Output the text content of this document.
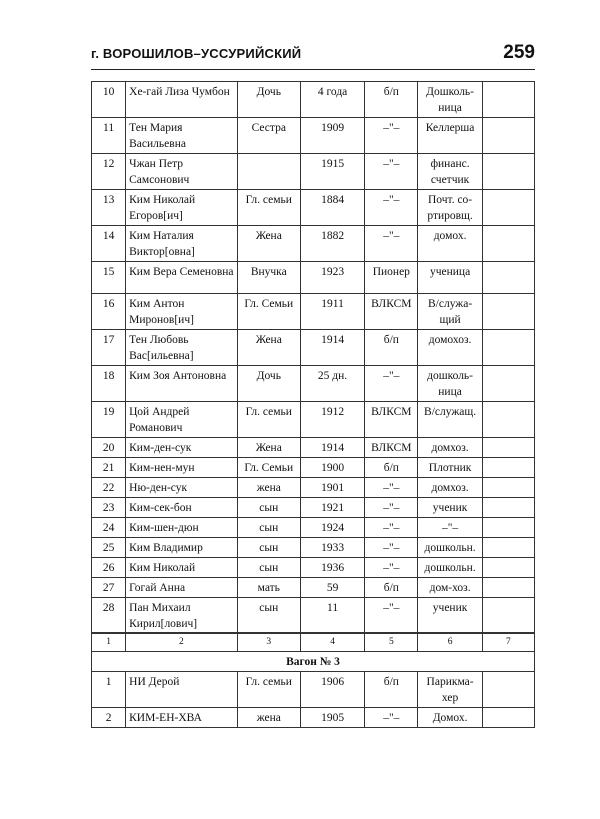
г. ВОРОШИЛОВ–УССУРИЙСКИЙ	259
10	Хе-гай Лиза Чумбон	Дочь	4 года	б/п	Дошколь-ница	
11	Тен Мария Васильевна	Сестра	1909	–"–	Келлерша	
12	Чжан Петр Самсонович		1915	–"–	финанс. счетчик	
13	Ким Николай Егоров[ич]	Гл. семьи	1884	–"–	Почт. со-ртировщ.	
14	Ким Наталия Виктор[овна]	Жена	1882	–"–	домох.	
15	Ким Вера Семеновна	Внучка	1923	Пионер	ученица	
16	Ким Антон Миронов[ич]	Гл. Семьи	1911	ВЛКСМ	В/служа-щий	
17	Тен Любовь Вас[ильевна]	Жена	1914	б/п	домохоз.	
18	Ким Зоя Антоновна	Дочь	25 дн.	–"–	дошколь-ница	
19	Цой Андрей Романович	Гл. семьи	1912	ВЛКСМ	В/служащ.	
20	Ким-ден-сук	Жена	1914	ВЛКСМ	домхоз.	
21	Ким-нен-мун	Гл. Семьи	1900	б/п	Плотник	
22	Ню-ден-сук	жена	1901	–"–	домхоз.	
23	Ким-сек-бон	сын	1921	–"–	ученик	
24	Ким-шен-дюн	сын	1924	–"–	–"–	
25	Ким Владимир	сын	1933	–"–	дошкольн.	
26	Ким Николай	сын	1936	–"–	дошкольн.	
27	Гогай Анна	мать	59	б/п	дом-хоз.	
28	Пан Михаил Кирил[лович]	сын	11	–"–	ученик	
1	2	3	4	5	6	7
Вагон № 3						
1	НИ Дерой	Гл. семьи	1906	б/п	Парикма-хер	
2	КИМ-ЕН-ХВА	жена	1905	–"–	Домох.	
